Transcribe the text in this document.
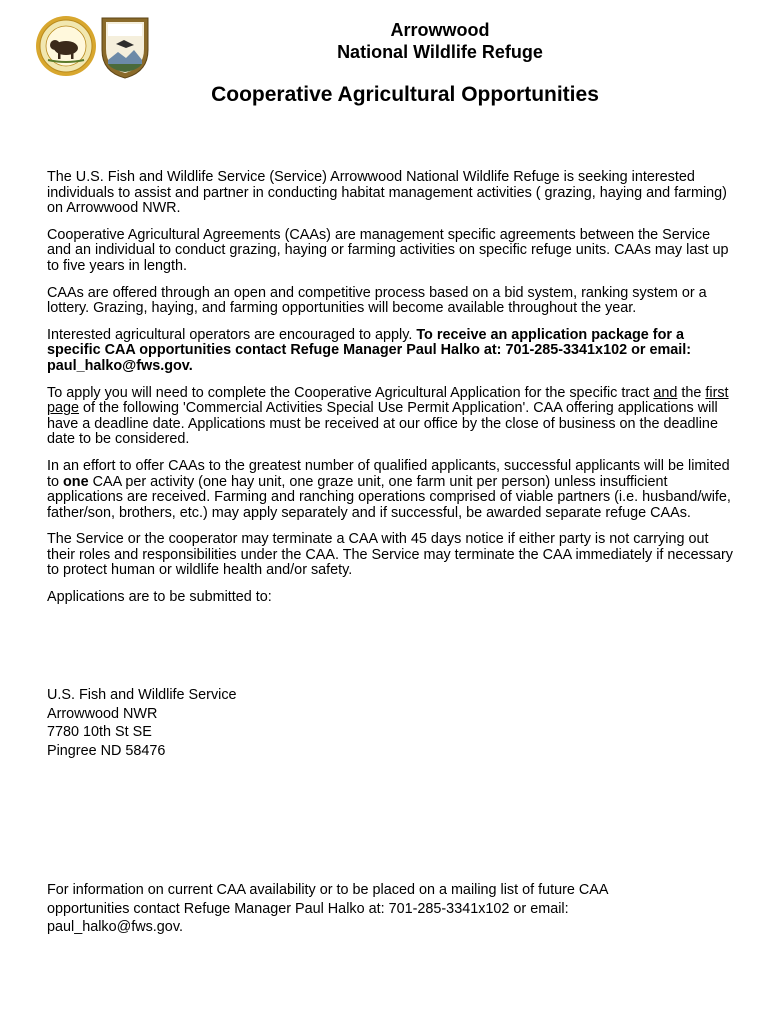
Arrowwood
National Wildlife Refuge
Cooperative Agricultural Opportunities

The U.S. Fish and Wildlife Service (Service) Arrowwood National Wildlife Refuge is seeking interested individuals to assist and partner in conducting habitat management activities ( grazing, haying and farming) on Arrowwood NWR.

Cooperative Agricultural Agreements (CAAs) are management specific agreements between the Service and an individual to conduct grazing, haying or farming activities on specific refuge units. CAAs may last up to five years in length.

CAAs are offered through an open and competitive process based on a bid system, ranking system or a lottery. Grazing, haying, and farming opportunities will become available throughout the year.

Interested agricultural operators are encouraged to apply. To receive an application package for a specific CAA opportunities contact Refuge Manager Paul Halko at: 701-285-3341x102 or email: paul_halko@fws.gov.

To apply you will need to complete the Cooperative Agricultural Application for the specific tract and the first page of the following 'Commercial Activities Special Use Permit Application'. CAA offering applications will have a deadline date. Applications must be received at our office by the close of business on the deadline date to be considered.

In an effort to offer CAAs to the greatest number of qualified applicants, successful applicants will be limited to one CAA per activity (one hay unit, one graze unit, one farm unit per person) unless insufficient applications are received. Farming and ranching operations comprised of viable partners (i.e. husband/wife, father/son, brothers, etc.) may apply separately and if successful, be awarded separate refuge CAAs.

The Service or the cooperator may terminate a CAA with 45 days notice if either party is not carrying out their roles and responsibilities under the CAA. The Service may terminate the CAA immediately if necessary to protect human or wildlife health and/or safety.

Applications are to be submitted to:

U.S. Fish and Wildlife Service
Arrowwood NWR
7780 10th St SE
Pingree ND 58476
For information on current CAA availability or to be placed on a mailing list of future CAA opportunities contact Refuge Manager Paul Halko at: 701-285-3341x102 or email: paul_halko@fws.gov.
